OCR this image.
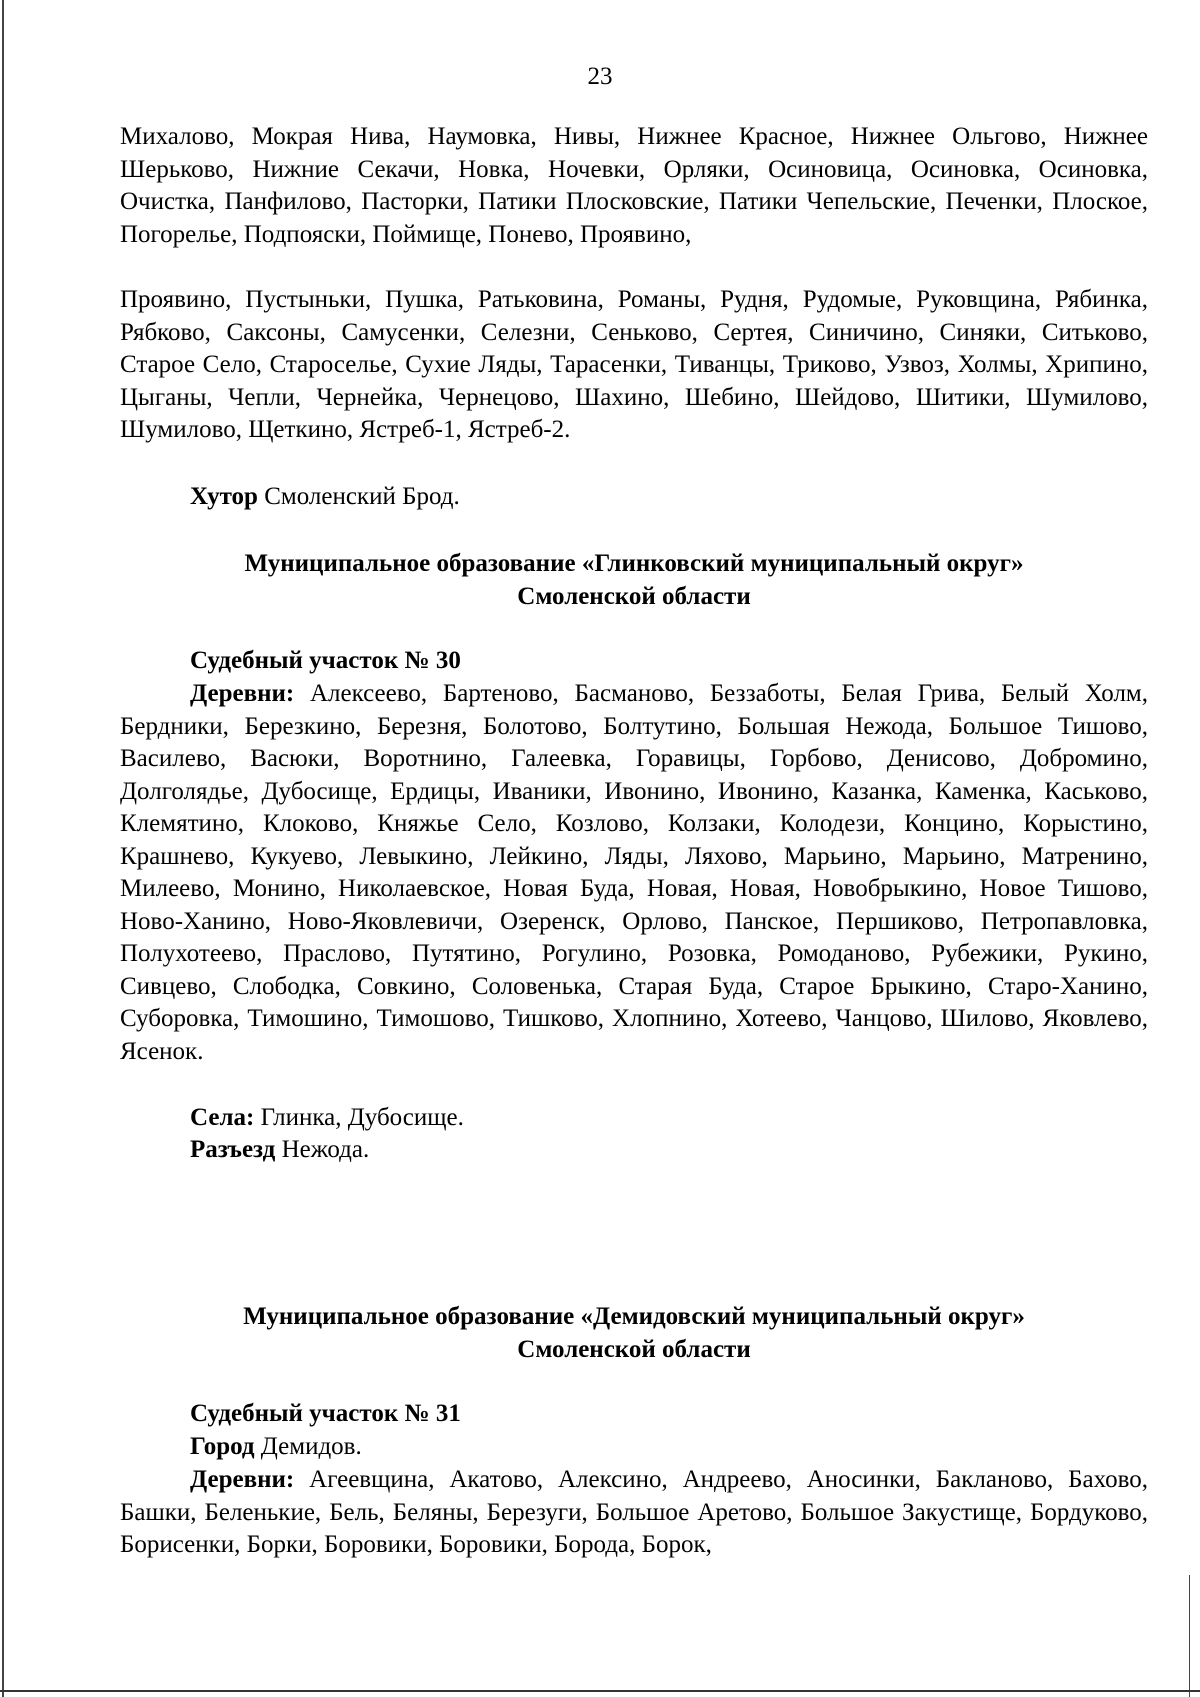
23

Михалово, Мокрая Нива, Наумовка, Нивы, Нижнее Красное, Нижнее Ольгово, Нижнее Шерьково, Нижние Секачи, Новка, Ночевки, Орляки, Осиновица, Осиновка, Осиновка, Очистка, Панфилово, Пасторки, Патики Плосковские, Патики Чепельские, Печенки, Плоское, Погорелье, Подпояски, Поймище, Понево, Проявино,

Проявино, Пустыньки, Пушка, Ратьковина, Романы, Рудня, Рудомые, Руковщина, Рябинка, Рябково, Саксоны, Самусенки, Селезни, Сеньково, Сертея, Синичино, Синяки, Ситьково, Старое Село, Староселье, Сухие Ляды, Тарасенки, Тиванцы, Триково, Узвоз, Холмы, Хрипино, Цыганы, Чепли, Чернейка, Чернецово, Шахино, Шебино, Шейдово, Шитики, Шумилово, Шумилово, Щеткино, Ястреб-1, Ястреб-2.

Хутор Смоленский Брод.

Муниципальное образование «Глинковский муниципальный округ»
Смоленской области

Судебный участок № 30

Деревни: Алексеево, Бартеново, Басманово, Беззаботы, Белая Грива, Белый Холм, Бердники, Березкино, Березня, Болотово, Болтутино, Большая Нежода, Большое Тишово, Василево, Васюки, Воротнино, Галеевка, Горавицы, Горбово, Денисово, Добромино, Долголядье, Дубосище, Ердицы, Иваники, Ивонино, Ивонино, Казанка, Каменка, Каськово, Клемятино, Клоково, Княжье Село, Козлово, Колзаки, Колодези, Концино, Корыстино, Крашнево, Кукуево, Левыкино, Лейкино, Ляды, Ляхово, Марьино, Марьино, Матренино, Милеево, Монино, Николаевское, Новая Буда, Новая, Новая, Новобрыкино, Новое Тишово, Ново-Ханино, Ново-Яковлевичи, Озеренск, Орлово, Панское, Першиково, Петропавловка, Полухотеево, Праслово, Путятино, Рогулино, Розовка, Ромоданово, Рубежики, Рукино, Сивцево, Слободка, Совкино, Соловенька, Старая Буда, Старое Брыкино, Старо-Ханино, Суборовка, Тимошино, Тимошово, Тишково, Хлопнино, Хотеево, Чанцово, Шилово, Яковлево, Ясенок.

Села: Глинка, Дубосище.

Разъезд Нежода.

Муниципальное образование «Демидовский муниципальный округ»
Смоленской области

Судебный участок № 31

Город Демидов.

Деревни: Агеевщина, Акатово, Алексино, Андреево, Аносинки, Бакланово, Бахово, Башки, Беленькие, Бель, Беляны, Березуги, Большое Аретово, Большое Закустище, Бордуково, Борисенки, Борки, Боровики, Боровики, Борода, Борок,
